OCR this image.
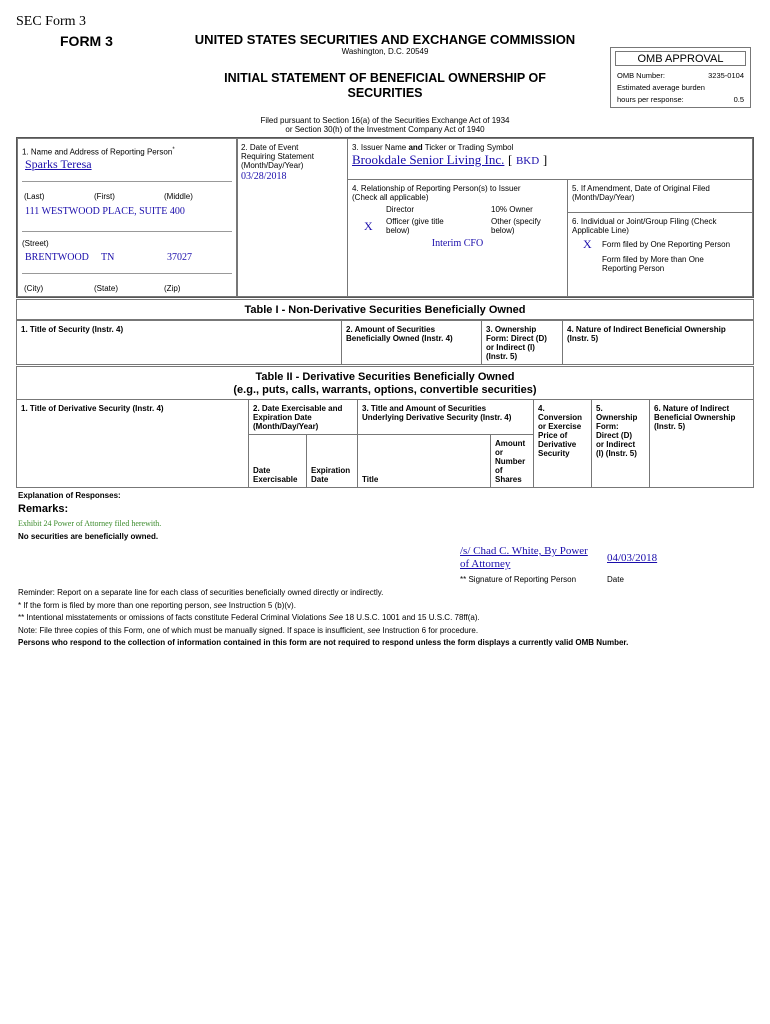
SEC Form 3
FORM 3	UNITED STATES SECURITIES AND EXCHANGE COMMISSION
Washington, D.C. 20549
INITIAL STATEMENT OF BENEFICIAL OWNERSHIP OF
SECURITIES
OMB APPROVAL
OMB Number:	3235-0104
Estimated average burden
hours per response:	0.5
Filed pursuant to Section 16(a) of the Securities Exchange Act of 1934
or Section 30(h) of the Investment Company Act of 1940
1. Name and Address of Reporting Person*
Sparks Teresa
(Last)	(First)	(Middle)
111 WESTWOOD PLACE, SUITE 400
(Street)
BRENTWOOD TN	37027
(City)	(State)	(Zip)
2. Date of Event
Requiring Statement
(Month/Day/Year)
03/28/2018
3. Issuer Name and Ticker or Trading Symbol
Brookdale Senior Living Inc. [ BKD ]
4. Relationship of Reporting Person(s) to Issuer
(Check all applicable)
Director	10% Owner
X Officer (give title
below)
Other (specify
below)
Interim CFO
5. If Amendment, Date of Original Filed
(Month/Day/Year)
6. Individual or Joint/Group Filing (Check
Applicable Line)
X Form filed by One Reporting Person
Form filed by More than One
Reporting Person
Table I - Non-Derivative Securities Beneficially Owned
1. Title of Security (Instr. 4)	2. Amount of Securities
Beneficially Owned (Instr. 4)
3. Ownership
Form: Direct (D)
or Indirect (I)
(Instr. 5)
4. Nature of Indirect Beneficial Ownership
(Instr. 5)
Table II - Derivative Securities Beneficially Owned
(e.g., puts, calls, warrants, options, convertible securities)
1. Title of Derivative Security (Instr. 4)	2. Date Exercisable and
Expiration Date
(Month/Day/Year)
Date
Exercisable
Expiration
Date
3. Title and Amount of Securities
Underlying Derivative Security (Instr. 4)
Title
Amount
or
Number
of
Shares
4.
Conversion
or Exercise
Price of
Derivative
Security
5.
Ownership
Form:
Direct (D)
or Indirect
(I) (Instr. 5)
6. Nature of Indirect
Beneficial Ownership
(Instr. 5)
Explanation of Responses:
Remarks:
Exhibit 24 Power of Attorney filed herewith.
No securities are beneficially owned.
/s/ Chad C. White, By Power
of Attorney	04/03/2018
** Signature of Reporting Person	Date
Reminder: Report on a separate line for each class of securities beneficially owned directly or indirectly.
* If the form is filed by more than one reporting person, see Instruction 5 (b)(v).
** Intentional misstatements or omissions of facts constitute Federal Criminal Violations See 18 U.S.C. 1001 and 15 U.S.C. 78ff(a).
Note: File three copies of this Form, one of which must be manually signed. If space is insufficient, see Instruction 6 for procedure.
Persons who respond to the collection of information contained in this form are not required to respond unless the form displays a currently valid OMB Number.
